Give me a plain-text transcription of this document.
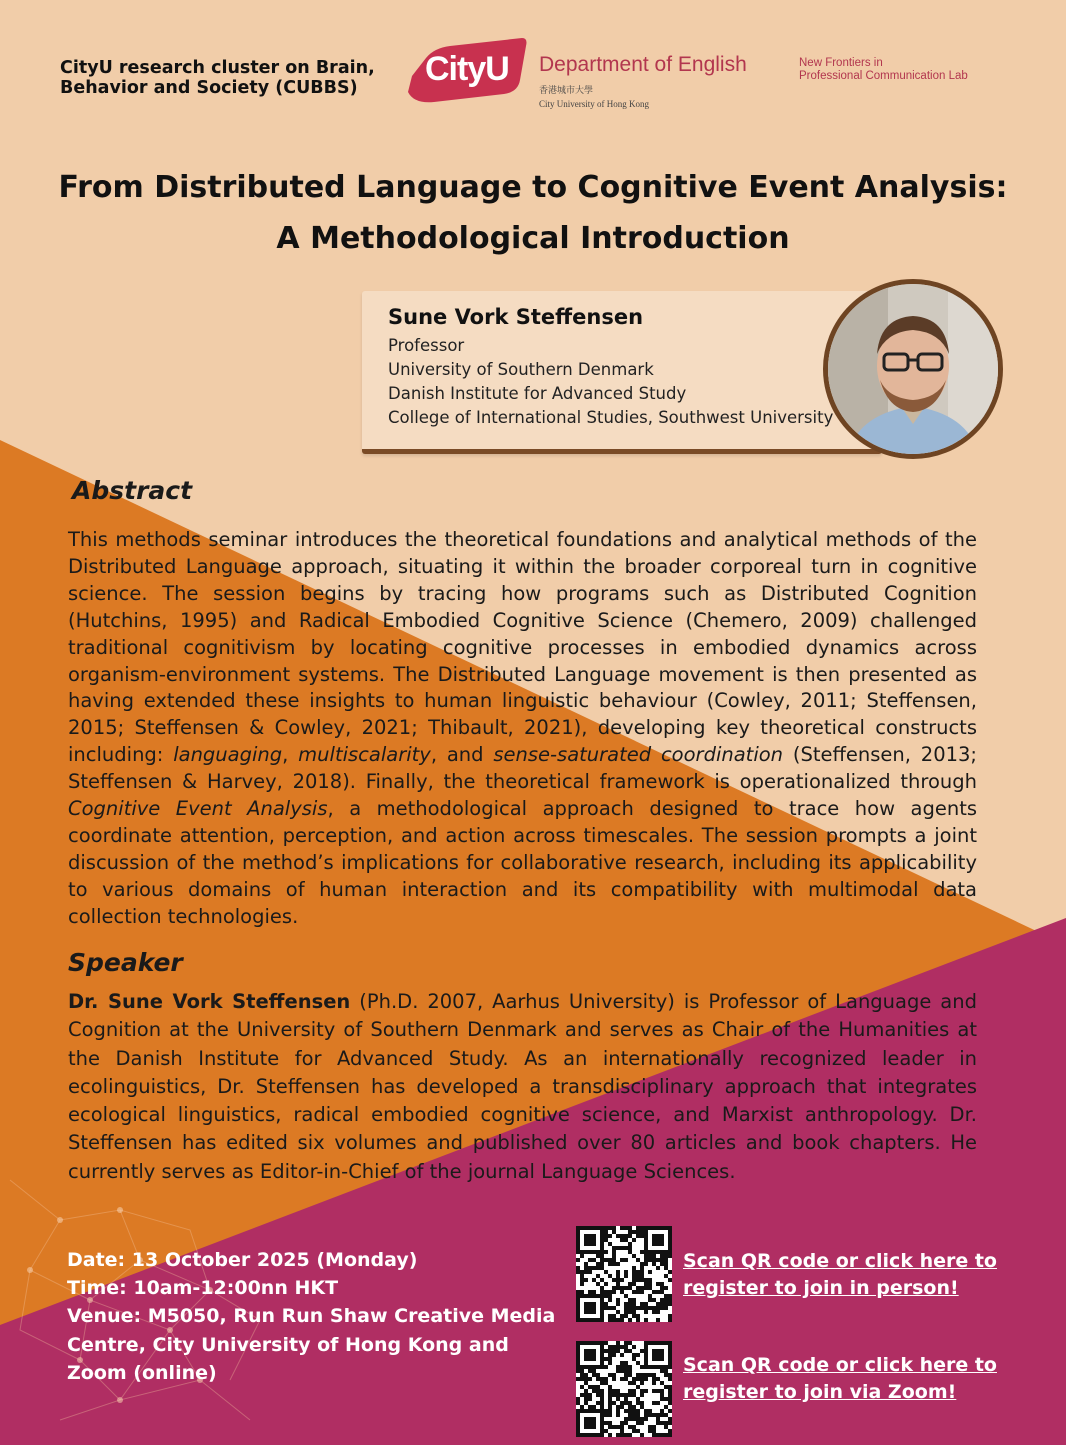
CityU research cluster on Brain, Behavior and Society (CUBBS)	CityU Department of English
香港城市大學
City University of Hong Kong
New Frontiers in
Professional Communication Lab
From Distributed Language to Cognitive Event Analysis:
A Methodological Introduction
Sune Vork Steffensen
Professor
University of Southern Denmark
Danish Institute for Advanced Study
College of International Studies, Southwest University
Abstract
This methods seminar introduces the theoretical foundations and analytical methods of the Distributed Language approach, situating it within the broader corporeal turn in cognitive science. The session begins by tracing how programs such as Distributed Cognition (Hutchins, 1995) and Radical Embodied Cognitive Science (Chemero, 2009) challenged traditional cognitivism by locating cognitive processes in embodied dynamics across organism-environment systems. The Distributed Language movement is then presented as having extended these insights to human linguistic behaviour (Cowley, 2011; Steffensen, 2015; Steffensen & Cowley, 2021; Thibault, 2021), developing key theoretical constructs including: languaging, multiscalarity, and sense-saturated coordination (Steffensen, 2013; Steffensen & Harvey, 2018). Finally, the theoretical framework is operationalized through Cognitive Event Analysis, a methodological approach designed to trace how agents coordinate attention, perception, and action across timescales. The session prompts a joint discussion of the method’s implications for collaborative research, including its applicability to various domains of human interaction and its compatibility with multimodal data collection technologies.
Speaker
Dr. Sune Vork Steffensen (Ph.D. 2007, Aarhus University) is Professor of Language and Cognition at the University of Southern Denmark and serves as Chair of the Humanities at the Danish Institute for Advanced Study. As an internationally recognized leader in ecolinguistics, Dr. Steffensen has developed a transdisciplinary approach that integrates ecological linguistics, radical embodied cognitive science, and Marxist anthropology. Dr. Steffensen has edited six volumes and published over 80 articles and book chapters. He currently serves as Editor-in-Chief of the journal Language Sciences.
Date: 13 October 2025 (Monday)
Time: 10am-12:00nn HKT
Venue: M5050, Run Run Shaw Creative Media Centre, City University of Hong Kong and Zoom (online)
Scan QR code or click here to register to join in person!
Scan QR code or click here to register to join via Zoom!
